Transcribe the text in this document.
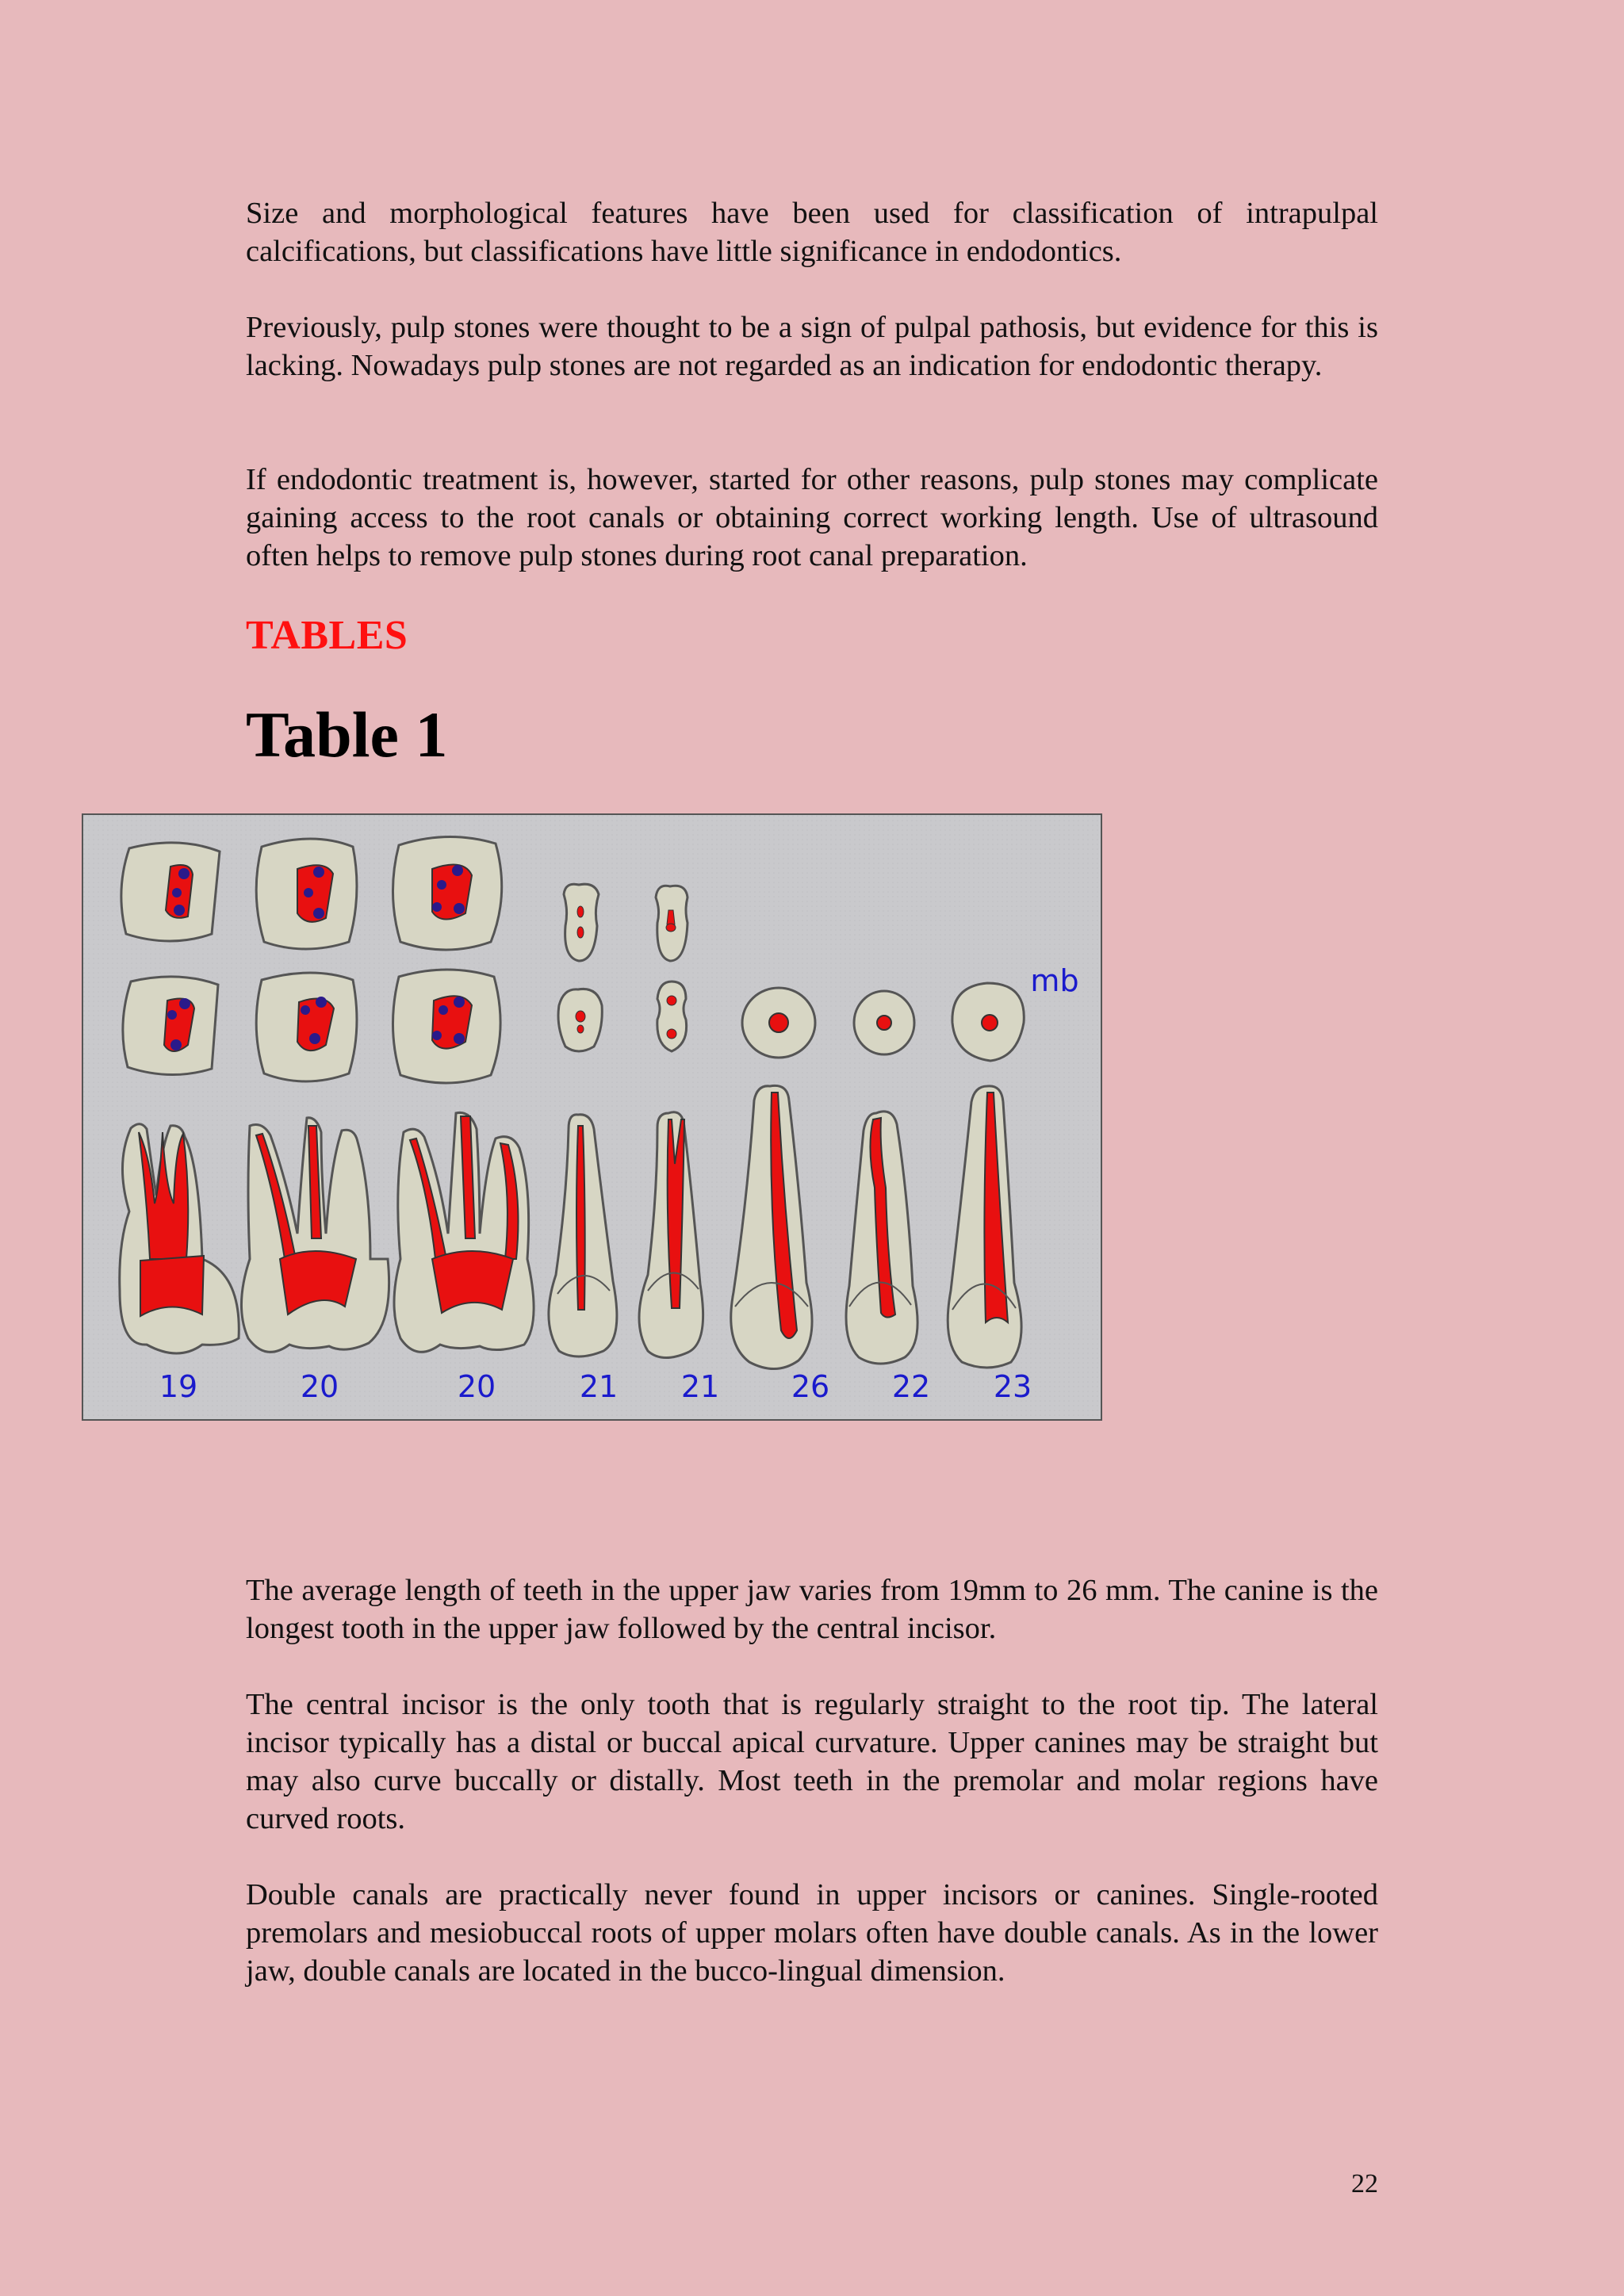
Size and morphological features have been used for classification of intrapulpal calcifications, but classifications have little significance in endodontics.

Previously, pulp stones were thought to be a sign of pulpal pathosis, but evidence for this is lacking. Nowadays pulp stones are not regarded as an indication for endodontic therapy.

If endodontic treatment is, however, started for other reasons, pulp stones may complicate gaining access to the root canals or obtaining correct working length. Use of ultrasound often helps to remove pulp stones during root canal preparation.

TABLES
Table 1

The average length of teeth in the upper jaw varies from 19mm to 26 mm. The canine is the longest tooth in the upper jaw followed by the central incisor.

The central incisor is the only tooth that is regularly straight to the root tip. The lateral incisor typically has a distal or buccal apical curvature. Upper canines may be straight but may also curve buccally or distally. Most teeth in the premolar and molar regions have curved roots.

Double canals are practically never found in upper incisors or canines. Single-rooted premolars and mesiobuccal roots of upper molars often have double canals. As in the lower jaw, double canals are located in the bucco-lingual dimension.

mb
19	20	20	21 21 26 22 23
22
